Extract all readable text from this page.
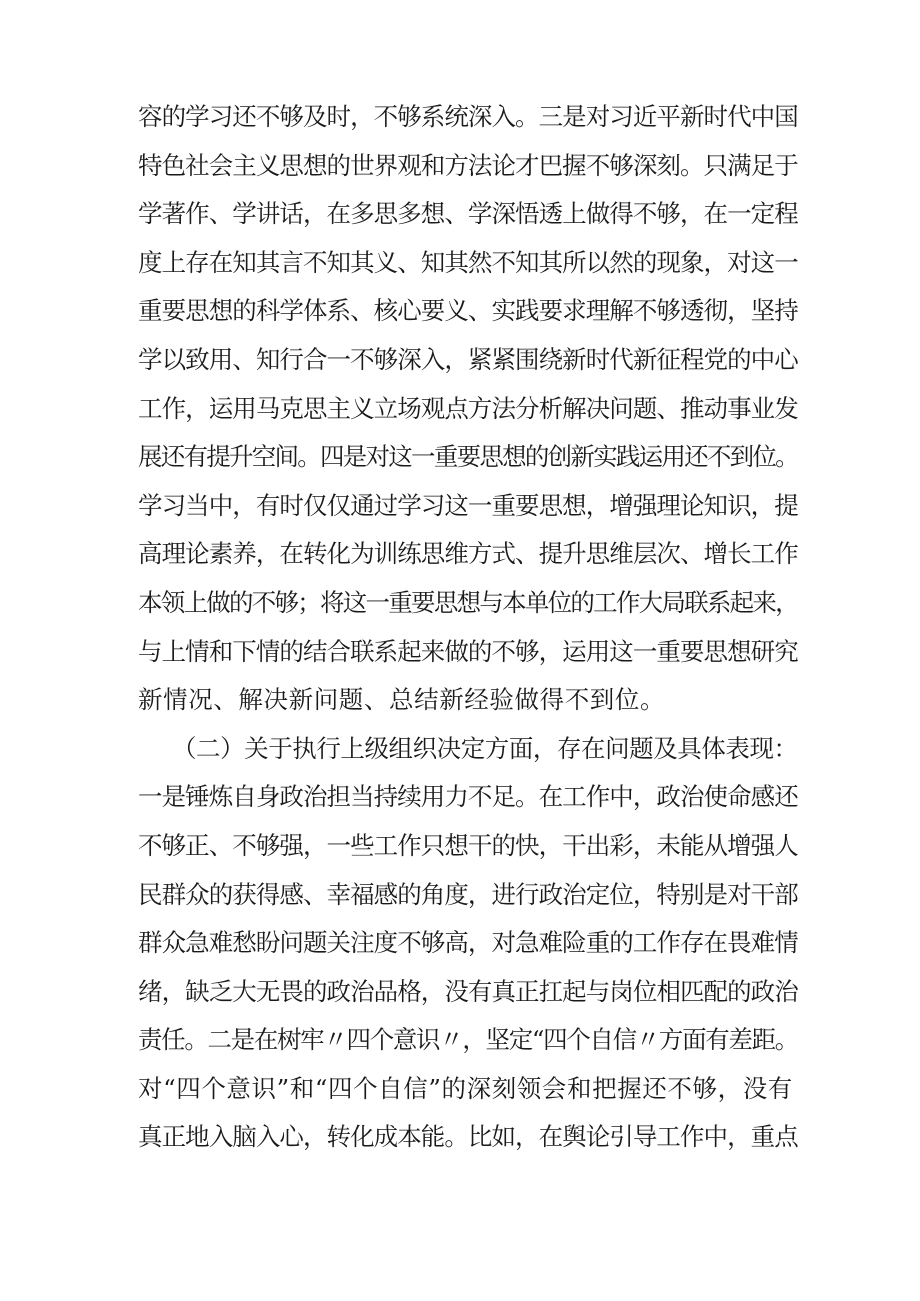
容的学习还不够及时，不够系统深入。三是对习近平新时代中国
特色社会主义思想的世界观和方法论才巴握不够深刻。只满足于
学著作、学讲话，在多思多想、学深悟透上做得不够，在一定程
度上存在知其言不知其义、知其然不知其所以然的现象，对这一
重要思想的科学体系、核心要义、实践要求理解不够透彻，坚持
学以致用、知行合一不够深入，紧紧围绕新时代新征程党的中心
工作，运用马克思主义立场观点方法分析解决问题、推动事业发
展还有提升空间。四是对这一重要思想的创新实践运用还不到位。
学习当中，有时仅仅通过学习这一重要思想，增强理论知识，提
高理论素养，在转化为训练思维方式、提升思维层次、增长工作
本领上做的不够；将这一重要思想与本单位的工作大局联系起来，
与上情和下情的结合联系起来做的不够，运用这一重要思想研究
新情况、解决新问题、总结新经验做得不到位。
（二）关于执行上级组织决定方面，存在问题及具体表现：
一是锤炼自身政治担当持续用力不足。在工作中，政治使命感还
不够正、不够强，一些工作只想干的快，干出彩，未能从增强人
民群众的获得感、幸福感的角度，进行政治定位，特别是对干部
群众急难愁盼问题关注度不够高，对急难险重的工作存在畏难情
绪，缺乏大无畏的政治品格，没有真正扛起与岗位相匹配的政治
责任。二是在树牢〃四个意识〃，坚定“四个自信〃方面有差距。
对“四个意识”和“四个自信”的深刻领会和把握还不够，没有
真正地入脑入心，转化成本能。比如，在舆论引导工作中，重点
